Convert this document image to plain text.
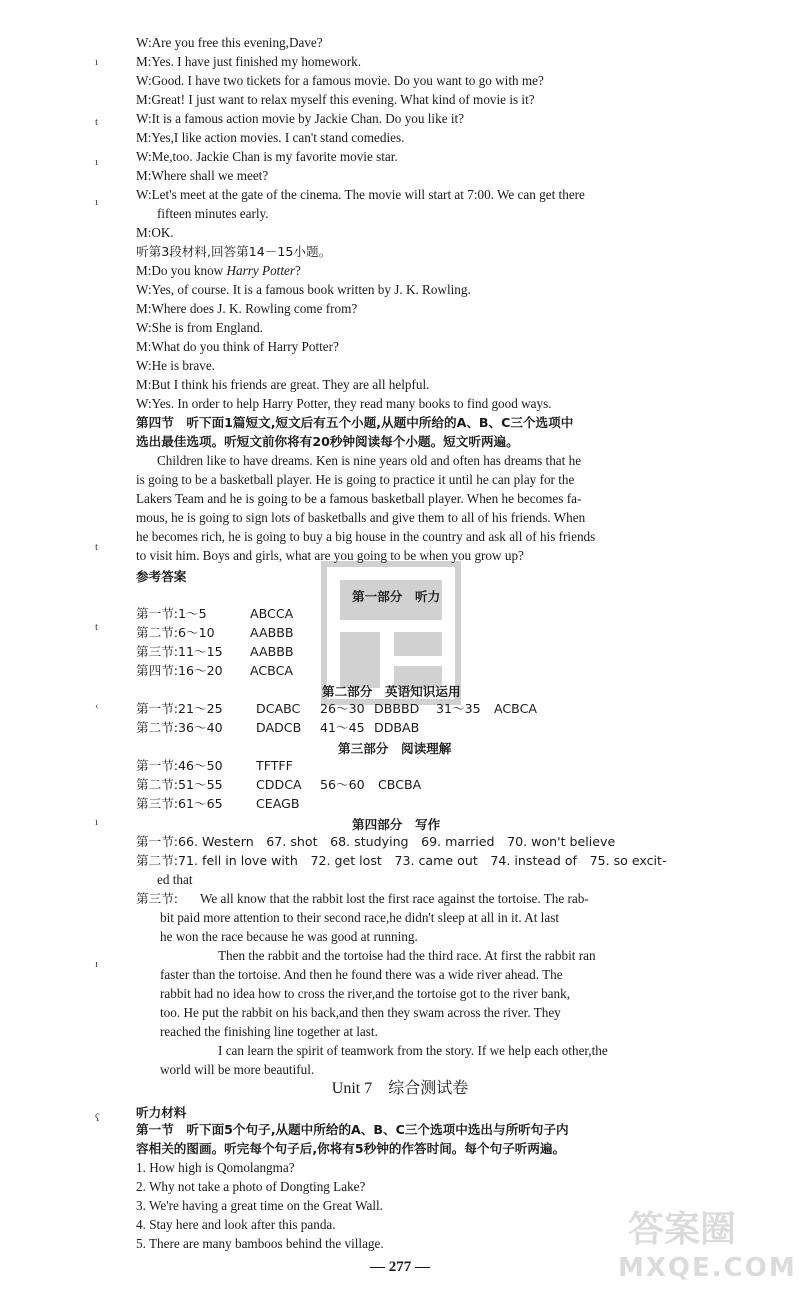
ı
t
ı
ı
t
t
‹
ı
ı
ʕ
W:Are you free this evening,Dave?
M:Yes. I have just finished my homework.
W:Good. I have two tickets for a famous movie. Do you want to go with me?
M:Great! I just want to relax myself this evening. What kind of movie is it?
W:It is a famous action movie by Jackie Chan. Do you like it?
M:Yes,I like action movies. I can't stand comedies.
W:Me,too. Jackie Chan is my favorite movie star.
M:Where shall we meet?
W:Let's meet at the gate of the cinema. The movie will start at 7:00. We can get there
fifteen minutes early.
M:OK.
听第3段材料,回答第14－15小题。
M:Do you know Harry Potter?
W:Yes, of course. It is a famous book written by J. K. Rowling.
M:Where does J. K. Rowling come from?
W:She is from England.
M:What do you think of Harry Potter?
W:He is brave.
M:But I think his friends are great. They are all helpful.
W:Yes. In order to help Harry Potter, they read many books to find good ways.
第四节　听下面1篇短文,短文后有五个小题,从题中所给的A、B、C三个选项中
选出最佳选项。听短文前你将有20秒钟阅读每个小题。短文听两遍。
Children like to have dreams. Ken is nine years old and often has dreams that he
is going to be a basketball player. He is going to practice it until he can play for the
Lakers Team and he is going to be a famous basketball player. When he becomes fa-
mous, he is going to sign lots of basketballs and give them to all of his friends. When
he becomes rich, he is going to buy a big house in the country and ask all of his friends
to visit him. Boys and girls, what are you going to be when you grow up?
参考答案
第一部分　听力
第一节:1～5	ABCCA
第二节:6～10	AABBB
第三节:11～15 AABBB
第四节:16～20 ACBCA
第二部分　英语知识运用
第一节:21～25	DCABC 26～30 DBBBD 31～35 ACBCA
第二节:36～40	DADCB 41～45 DDBAB
第三部分　阅读理解
第一节:46～50	TFTFF
第二节:51～55	CDDCA 56～60 CBCBA
第三节:61～65	CEAGB
第四部分　写作
第一节:66. Western　67. shot　68. studying　69. married　70. won't believe
第二节:71. fell in love with　72. get lost　73. came out　74. instead of　75. so excit-
ed that
第三节: We all know that the rabbit lost the first race against the tortoise. The rab-
bit paid more attention to their second race,he didn't sleep at all in it. At last
he won the race because he was good at running.
Then the rabbit and the tortoise had the third race. At first the rabbit ran
faster than the tortoise. And then he found there was a wide river ahead. The
rabbit had no idea how to cross the river,and the tortoise got to the river bank,
too. He put the rabbit on his back,and then they swam across the river. They
reached the finishing line together at last.
I can learn the spirit of teamwork from the story. If we help each other,the
world will be more beautiful.
Unit 7　综合测试卷
听力材料
第一节　听下面5个句子,从题中所给的A、B、C三个选项中选出与所听句子内
容相关的图画。听完每个句子后,你将有5秒钟的作答时间。每个句子听两遍。
1. How high is Qomolangma?
2. Why not take a photo of Dongting Lake?
3. We're having a great time on the Great Wall.
4. Stay here and look after this panda.
5. There are many bamboos behind the village.
— 277 —
答案圈
MXQE.COM
